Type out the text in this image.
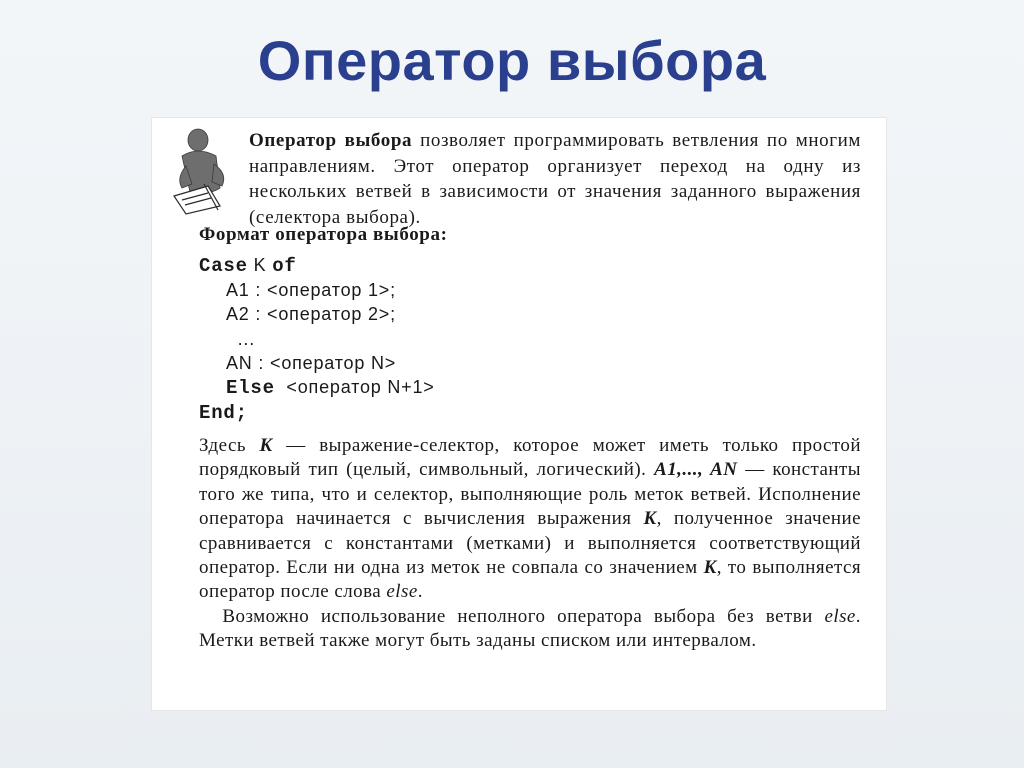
Оператор выбора
Оператор выбора позволяет программировать ветвления по многим направлениям. Этот оператор организует переход на одну из нескольких ветвей в зависимости от значения заданного выражения (селектора выбора).
Формат оператора выбора:
Case K of
A1 : <оператор 1>;
A2 : <оператор 2>;
...
AN : <оператор N>
Else  <оператор N+1>
End;

Здесь K — выражение-селектор, которое может иметь только простой порядковый тип (целый, символьный, логический). A1,..., AN — константы того же типа, что и селектор, выполняющие роль меток ветвей. Исполнение оператора начинается с вычисления выражения K, полученное значение сравнивается с константами (метками) и выполняется соответствующий оператор. Если ни одна из меток не совпала со значением K, то выполняется оператор после слова else.

Возможно использование неполного оператора выбора без ветви else. Метки ветвей также могут быть заданы списком или интервалом.
